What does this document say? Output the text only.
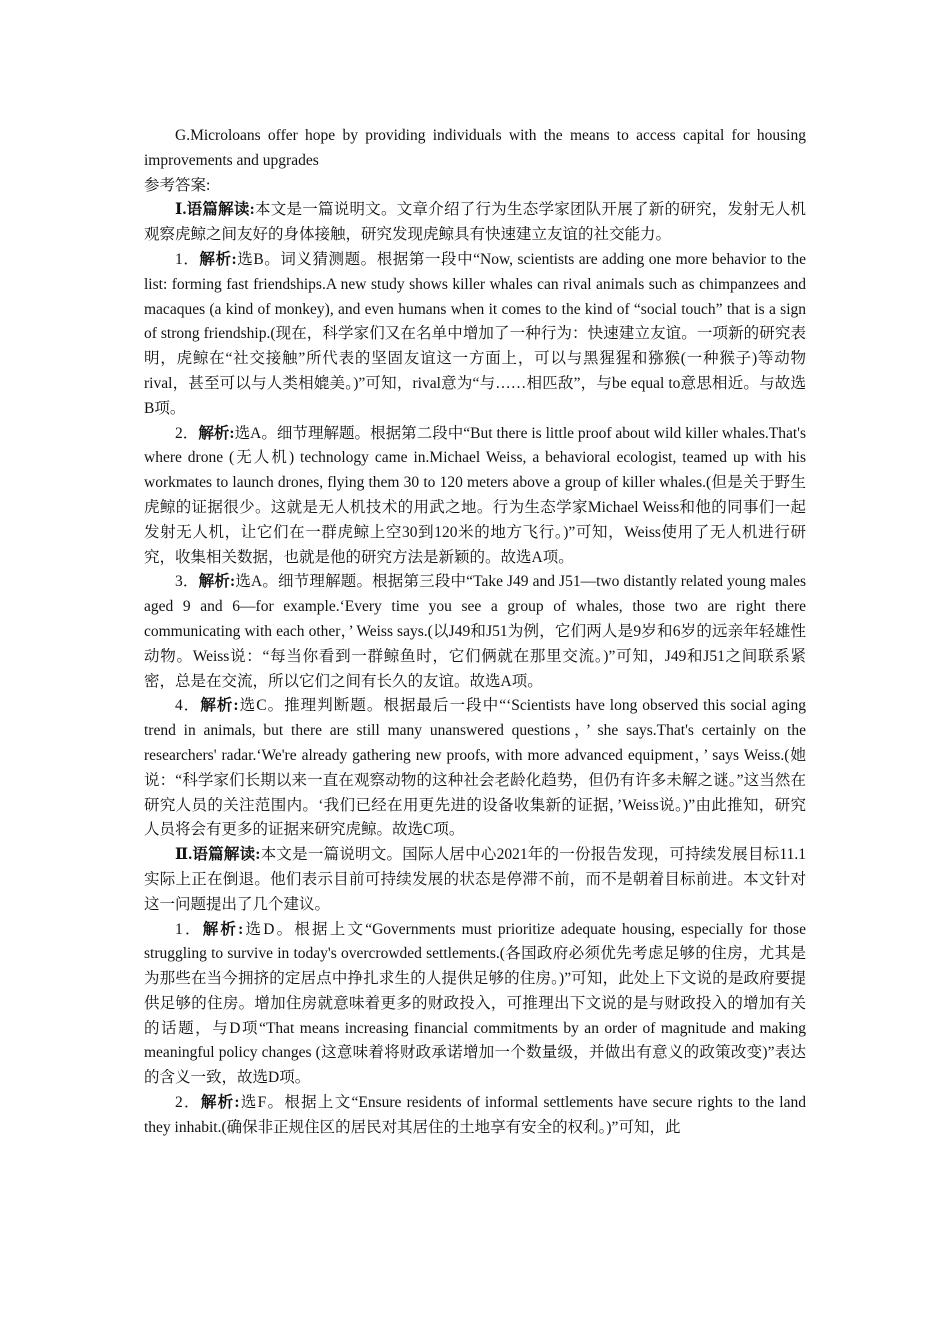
G.Microloans offer hope by providing individuals with the means to access capital for housing improvements and upgrades

参考答案:

Ⅰ.语篇解读:本文是一篇说明文。文章介绍了行为生态学家团队开展了新的研究，发射无人机观察虎鲸之间友好的身体接触，研究发现虎鲸具有快速建立友谊的社交能力。

1．解析:选B。词义猜测题。根据第一段中“Now, scientists are adding one more behavior to the list: forming fast friendships.A new study shows killer whales can rival animals such as chimpanzees and macaques (a kind of monkey), and even humans when it comes to the kind of “social touch” that is a sign of strong friendship.(现在，科学家们又在名单中增加了一种行为：快速建立友谊。一项新的研究表明，虎鲸在“社交接触”所代表的坚固友谊这一方面上，可以与黑猩猩和猕猴(一种猴子)等动物rival，甚至可以与人类相媲美。)”可知，rival意为“与……相匹敌”，与be equal to意思相近。与故选B项。

2．解析:选A。细节理解题。根据第二段中“But there is little proof about wild killer whales.That's where drone (无人机) technology came in.Michael Weiss, a behavioral ecologist, teamed up with his workmates to launch drones, flying them 30 to 120 meters above a group of killer whales.(但是关于野生虎鲸的证据很少。这就是无人机技术的用武之地。行为生态学家Michael Weiss和他的同事们一起发射无人机，让它们在一群虎鲸上空30到120米的地方飞行。)”可知，Weiss使用了无人机进行研究，收集相关数据，也就是他的研究方法是新颖的。故选A项。

3．解析:选A。细节理解题。根据第三段中“Take J49 and J51—two distantly related young males aged 9 and 6—for example.‘Every time you see a group of whales, those two are right there communicating with each other，’ Weiss says.(以J49和J51为例，它们两人是9岁和6岁的远亲年轻雄性动物。Weiss说：“每当你看到一群鲸鱼时，它们俩就在那里交流。)”可知，J49和J51之间联系紧密，总是在交流，所以它们之间有长久的友谊。故选A项。

4．解析:选C。推理判断题。根据最后一段中“‘Scientists have long observed this social aging trend in animals, but there are still many unanswered questions，’ she says.That's certainly on the researchers' radar.‘We're already gathering new proofs, with more advanced equipment，’ says Weiss.(她说：“科学家们长期以来一直在观察动物的这种社会老龄化趋势，但仍有许多未解之谜。”这当然在研究人员的关注范围内。‘我们已经在用更先进的设备收集新的证据，’Weiss说。)”由此推知，研究人员将会有更多的证据来研究虎鲸。故选C项。

Ⅱ.语篇解读:本文是一篇说明文。国际人居中心2021年的一份报告发现，可持续发展目标11.1实际上正在倒退。他们表示目前可持续发展的状态是停滞不前，而不是朝着目标前进。本文针对这一问题提出了几个建议。

1．解析:选D。根据上文“Governments must prioritize adequate housing, especially for those struggling to survive in today's overcrowded settlements.(各国政府必须优先考虑足够的住房，尤其是为那些在当今拥挤的定居点中挣扎求生的人提供足够的住房。)”可知，此处上下文说的是政府要提供足够的住房。增加住房就意味着更多的财政投入，可推理出下文说的是与财政投入的增加有关的话题，与D项“That means increasing financial commitments by an order of magnitude and making meaningful policy changes (这意味着将财政承诺增加一个数量级，并做出有意义的政策改变)”表达的含义一致，故选D项。

2．解析:选F。根据上文“Ensure residents of informal settlements have secure rights to the land they inhabit.(确保非正规住区的居民对其居住的土地享有安全的权利。)”可知，此
